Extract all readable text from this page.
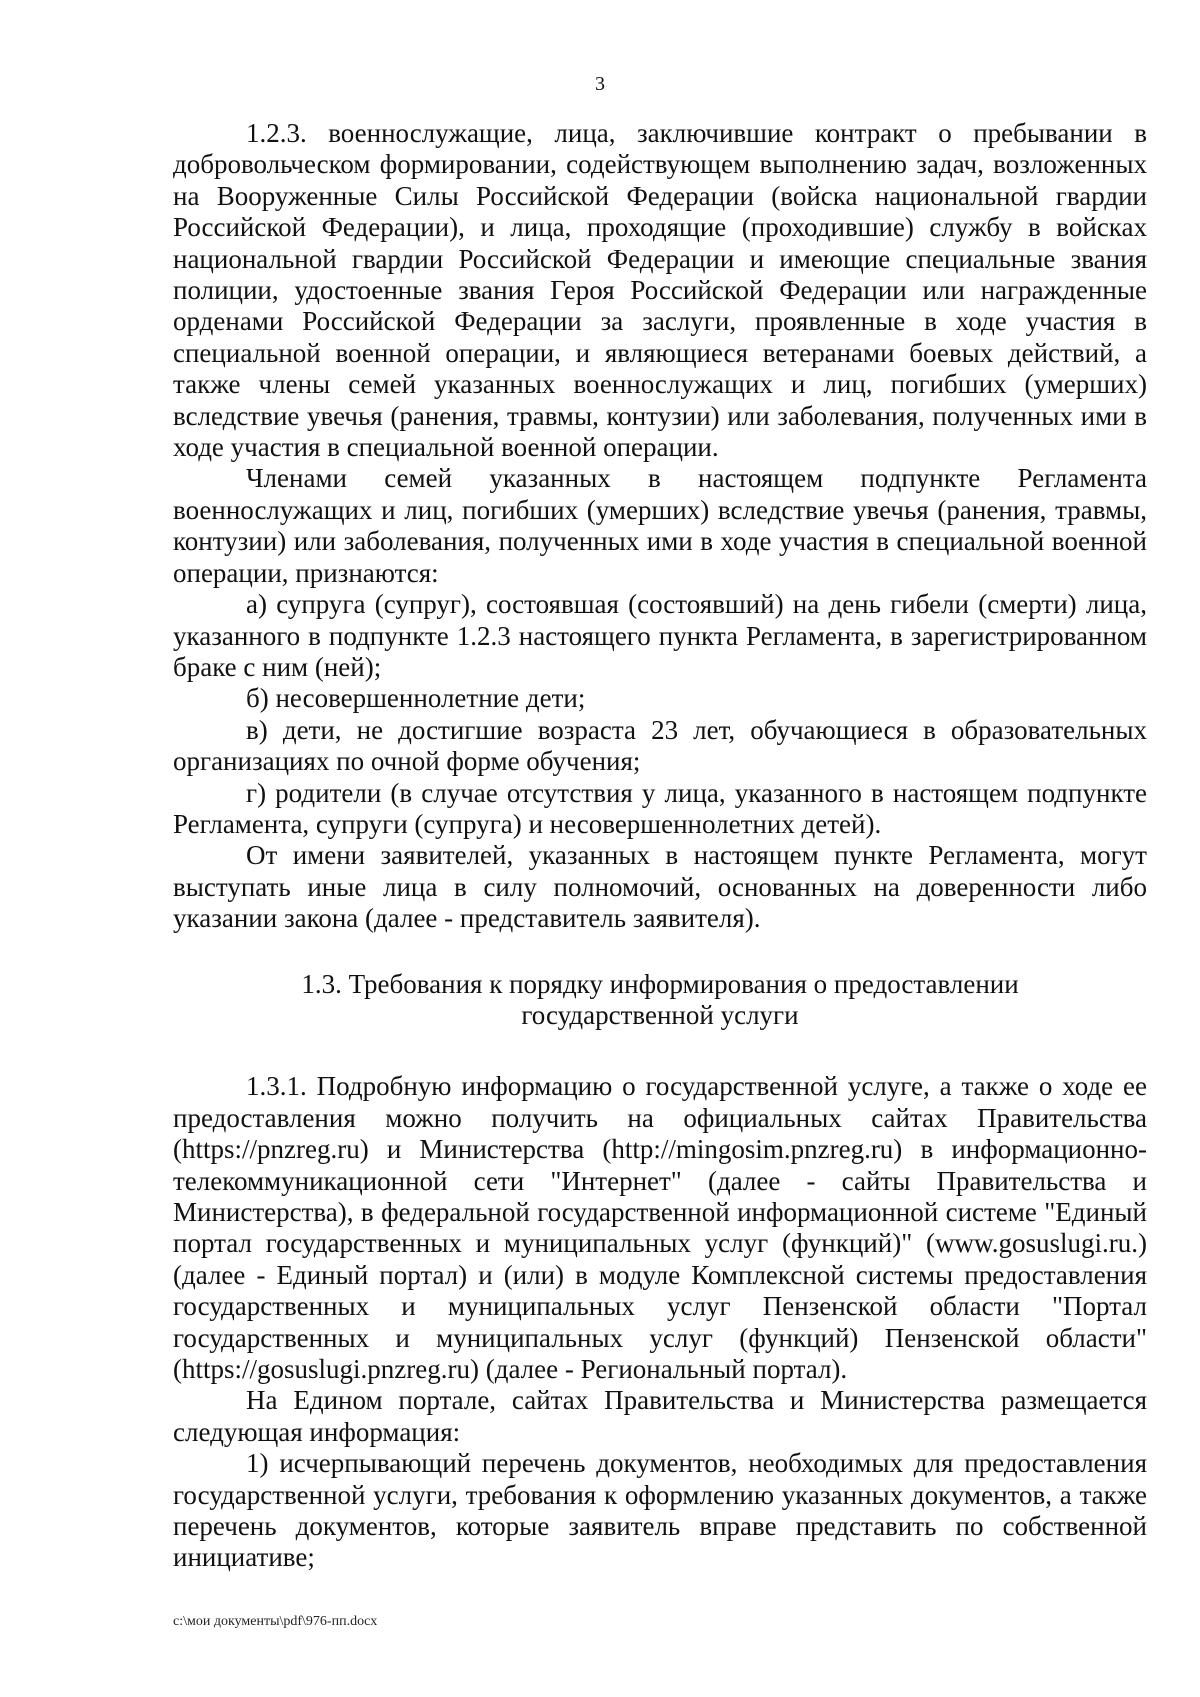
3

1.2.3. военнослужащие, лица, заключившие контракт о пребывании в добровольческом формировании, содействующем выполнению задач, возложенных на Вооруженные Силы Российской Федерации (войска национальной гвардии Российской Федерации), и лица, проходящие (проходившие) службу в войсках национальной гвардии Российской Федерации и имеющие специальные звания полиции, удостоенные звания Героя Российской Федерации или награжденные орденами Российской Федерации за заслуги, проявленные в ходе участия в специальной военной операции, и являющиеся ветеранами боевых действий, а также члены семей указанных военнослужащих и лиц, погибших (умерших) вследствие увечья (ранения, травмы, контузии) или заболевания, полученных ими в ходе участия в специальной военной операции.

Членами семей указанных в настоящем подпункте Регламента военнослужащих и лиц, погибших (умерших) вследствие увечья (ранения, травмы, контузии) или заболевания, полученных ими в ходе участия в специальной военной операции, признаются:

а) супруга (супруг), состоявшая (состоявший) на день гибели (смерти) лица, указанного в подпункте 1.2.3 настоящего пункта Регламента, в зарегистрированном браке с ним (ней);

б) несовершеннолетние дети;

в) дети, не достигшие возраста 23 лет, обучающиеся в образовательных организациях по очной форме обучения;

г) родители (в случае отсутствия у лица, указанного в настоящем подпункте Регламента, супруги (супруга) и несовершеннолетних детей).

От имени заявителей, указанных в настоящем пункте Регламента, могут выступать иные лица в силу полномочий, основанных на доверенности либо указании закона (далее - представитель заявителя).

1.3. Требования к порядку информирования о предоставлении
государственной услуги

1.3.1. Подробную информацию о государственной услуге, а также о ходе ее предоставления можно получить на официальных сайтах Правительства (https://pnzreg.ru) и Министерства (http://mingosim.pnzreg.ru) в информационно-телекоммуникационной сети "Интернет" (далее - сайты Правительства и Министерства), в федеральной государственной информационной системе "Единый портал государственных и муниципальных услуг (функций)" (www.gosuslugi.ru.) (далее - Единый портал) и (или) в модуле Комплексной системы предоставления государственных и муниципальных услуг Пензенской области "Портал государственных и муниципальных услуг (функций) Пензенской области" (https://gosuslugi.pnzreg.ru) (далее - Региональный портал).

На Едином портале, сайтах Правительства и Министерства размещается следующая информация:

1) исчерпывающий перечень документов, необходимых для предоставления государственной услуги, требования к оформлению указанных документов, а также перечень документов, которые заявитель вправе представить по собственной инициативе;

c:\мои документы\pdf\976-пп.docx
